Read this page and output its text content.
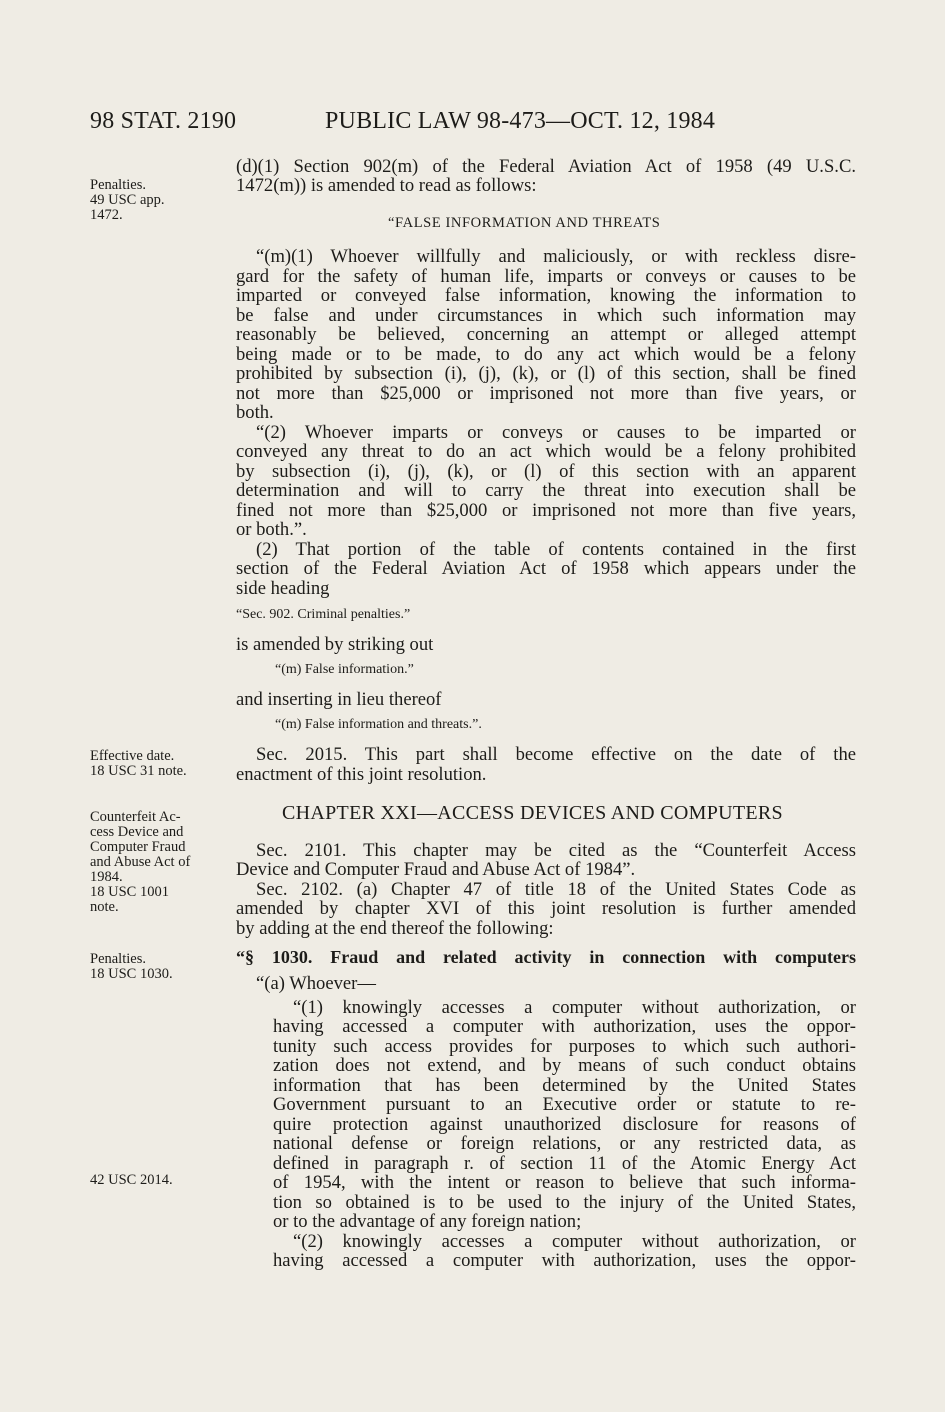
98 STAT. 2190	PUBLIC LAW 98-473—OCT. 12, 1984
Penalties.
49 USC app.
1472.
Effective date.
18 USC 31 note.
Counterfeit Ac-
cess Device and
Computer Fraud
and Abuse Act of
1984.
18 USC 1001
note.
Penalties.
18 USC 1030.
42 USC 2014.
(d)(1) Section 902(m) of the Federal Aviation Act of 1958 (49 U.S.C.
1472(m)) is amended to read as follows:
“FALSE INFORMATION AND THREATS
“(m)(1) Whoever willfully and maliciously, or with reckless disre-
gard for the safety of human life, imparts or conveys or causes to be
imparted or conveyed false information, knowing the information to
be false and under circumstances in which such information may
reasonably be believed, concerning an attempt or alleged attempt
being made or to be made, to do any act which would be a felony
prohibited by subsection (i), (j), (k), or (l) of this section, shall be fined
not more than $25,000 or imprisoned not more than five years, or
both.
“(2) Whoever imparts or conveys or causes to be imparted or
conveyed any threat to do an act which would be a felony prohibited
by subsection (i), (j), (k), or (l) of this section with an apparent
determination and will to carry the threat into execution shall be
fined not more than $25,000 or imprisoned not more than five years,
or both.”.
(2) That portion of the table of contents contained in the first
section of the Federal Aviation Act of 1958 which appears under the
side heading
“Sec. 902. Criminal penalties.”
is amended by striking out
“(m) False information.”
and inserting in lieu thereof
“(m) False information and threats.”.
Sec. 2015. This part shall become effective on the date of the
enactment of this joint resolution.
CHAPTER XXI—ACCESS DEVICES AND COMPUTERS
Sec. 2101. This chapter may be cited as the “Counterfeit Access
Device and Computer Fraud and Abuse Act of 1984”.
Sec. 2102. (a) Chapter 47 of title 18 of the United States Code as
amended by chapter XVI of this joint resolution is further amended
by adding at the end thereof the following:
“§ 1030. Fraud and related activity in connection with computers
“(a) Whoever—
“(1) knowingly accesses a computer without authorization, or
having accessed a computer with authorization, uses the oppor-
tunity such access provides for purposes to which such authori-
zation does not extend, and by means of such conduct obtains
information that has been determined by the United States
Government pursuant to an Executive order or statute to re-
quire protection against unauthorized disclosure for reasons of
national defense or foreign relations, or any restricted data, as
defined in paragraph r. of section 11 of the Atomic Energy Act
of 1954, with the intent or reason to believe that such informa-
tion so obtained is to be used to the injury of the United States,
or to the advantage of any foreign nation;
“(2) knowingly accesses a computer without authorization, or
having accessed a computer with authorization, uses the oppor-
